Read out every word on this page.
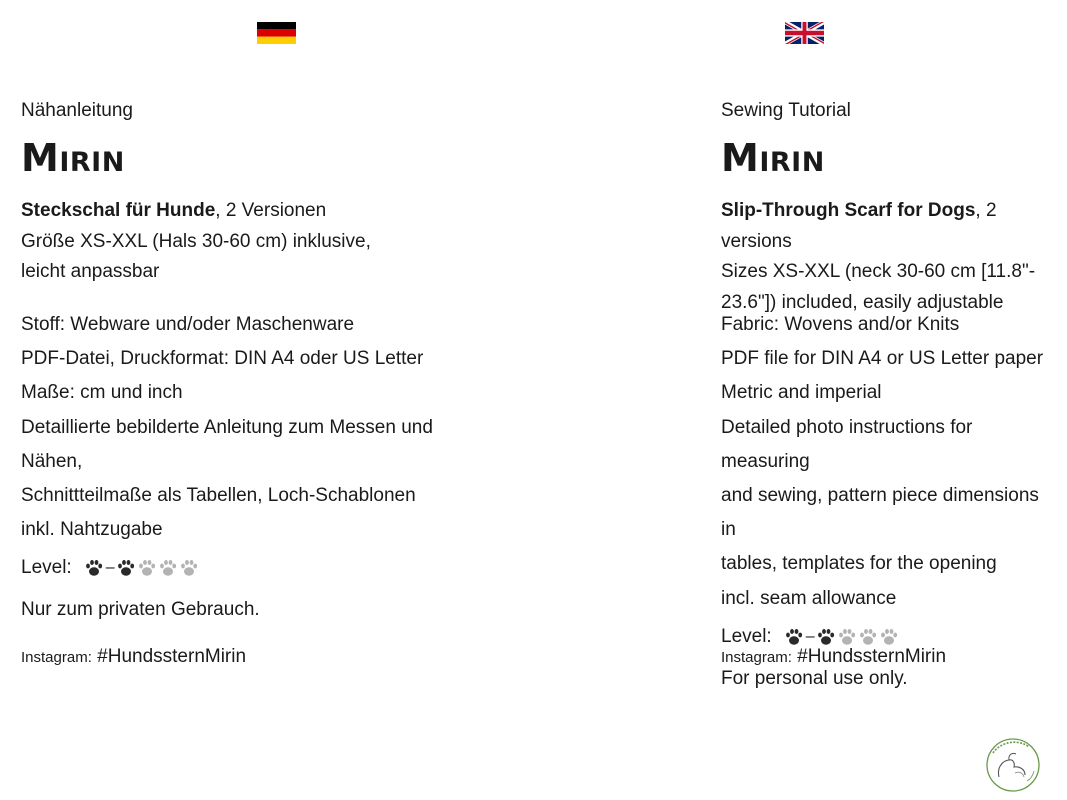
Nähanleitung
Mirin
Steckschal für Hunde, 2 Versionen
Größe XS-XXL (Hals 30-60 cm) inklusive,
leicht anpassbar
Stoff: Webware und/oder Maschenware
PDF-Datei, Druckformat: DIN A4 oder US Letter
Maße: cm und inch
Detaillierte bebilderte Anleitung zum Messen und Nähen,
Schnittteilmaße als Tabellen, Loch-Schablonen
inkl. Nahtzugabe
Level: –
Nur zum privaten Gebrauch.
Instagram: #HundssternMirin
Sewing Tutorial
Mirin
Slip-Through Scarf for Dogs, 2 versions
Sizes XS-XXL (neck 30-60 cm [11.8"-
23.6"]) included, easily adjustable
Fabric: Wovens and/or Knits
PDF file for DIN A4 or US Letter paper
Metric and imperial
Detailed photo instructions for measuring
and sewing, pattern piece dimensions in
tables, templates for the opening
incl. seam allowance
Level: –
For personal use only.
Instagram: #HundssternMirin
